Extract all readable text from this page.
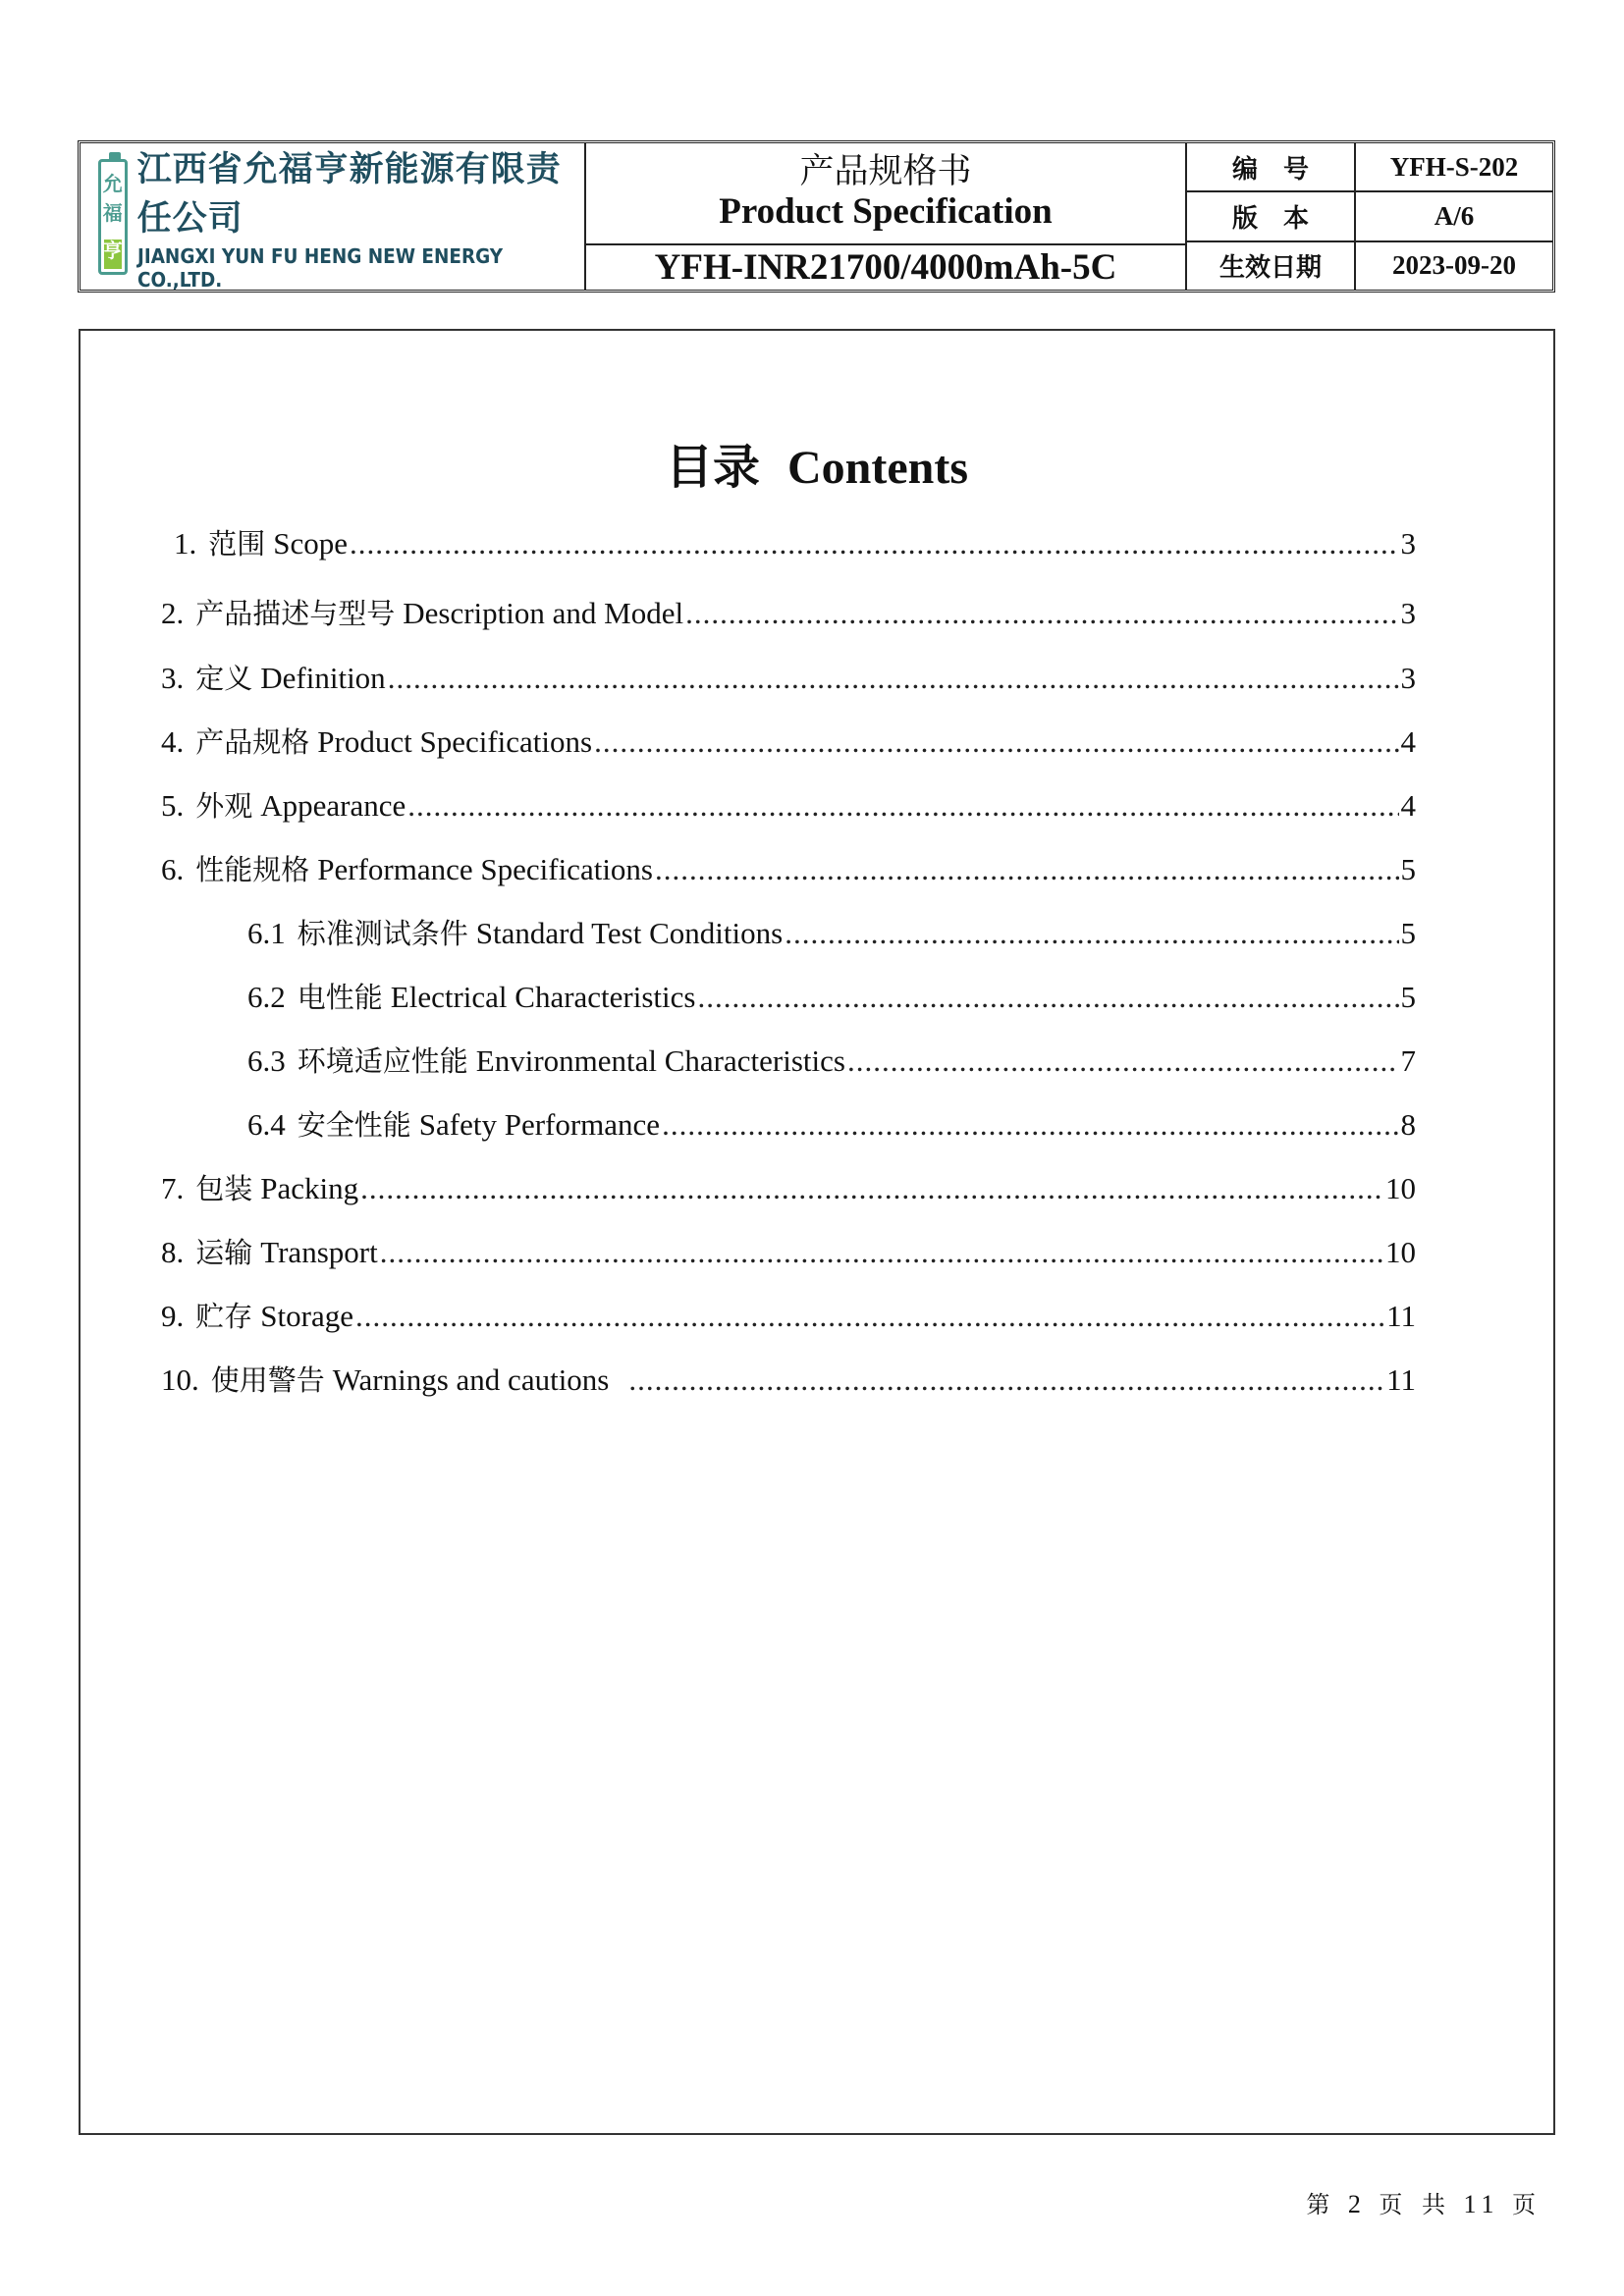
允
福
亨
江西省允福亨新能源有限责任公司
JIANGXI YUN FU HENG NEW ENERGY CO.,LTD.
产品规格书
Product Specification
YFH-INR21700/4000mAh-5C
编　号	YFH-S-202
版　本	A/6
生效日期	2023-09-20
目录 Contents
1. 范围 Scope .....	3
2. 产品描述与型号 Description and Model .....	3
3. 定义 Definition .....	3
4. 产品规格 Product Specifications .....	4
5. 外观 Appearance .....	4
6. 性能规格 Performance Specifications .....	5
6.1 标准测试条件 Standard Test Conditions .....	5
6.2 电性能 Electrical Characteristics .....	5
6.3 环境适应性能 Environmental Characteristics .....	7
6.4 安全性能 Safety Performance .....	8
7. 包装 Packing .....	10
8. 运输 Transport .....	10
9. 贮存 Storage .....	11
10. 使用警告 Warnings and cautions .....	11
第 2 页 共 11 页
